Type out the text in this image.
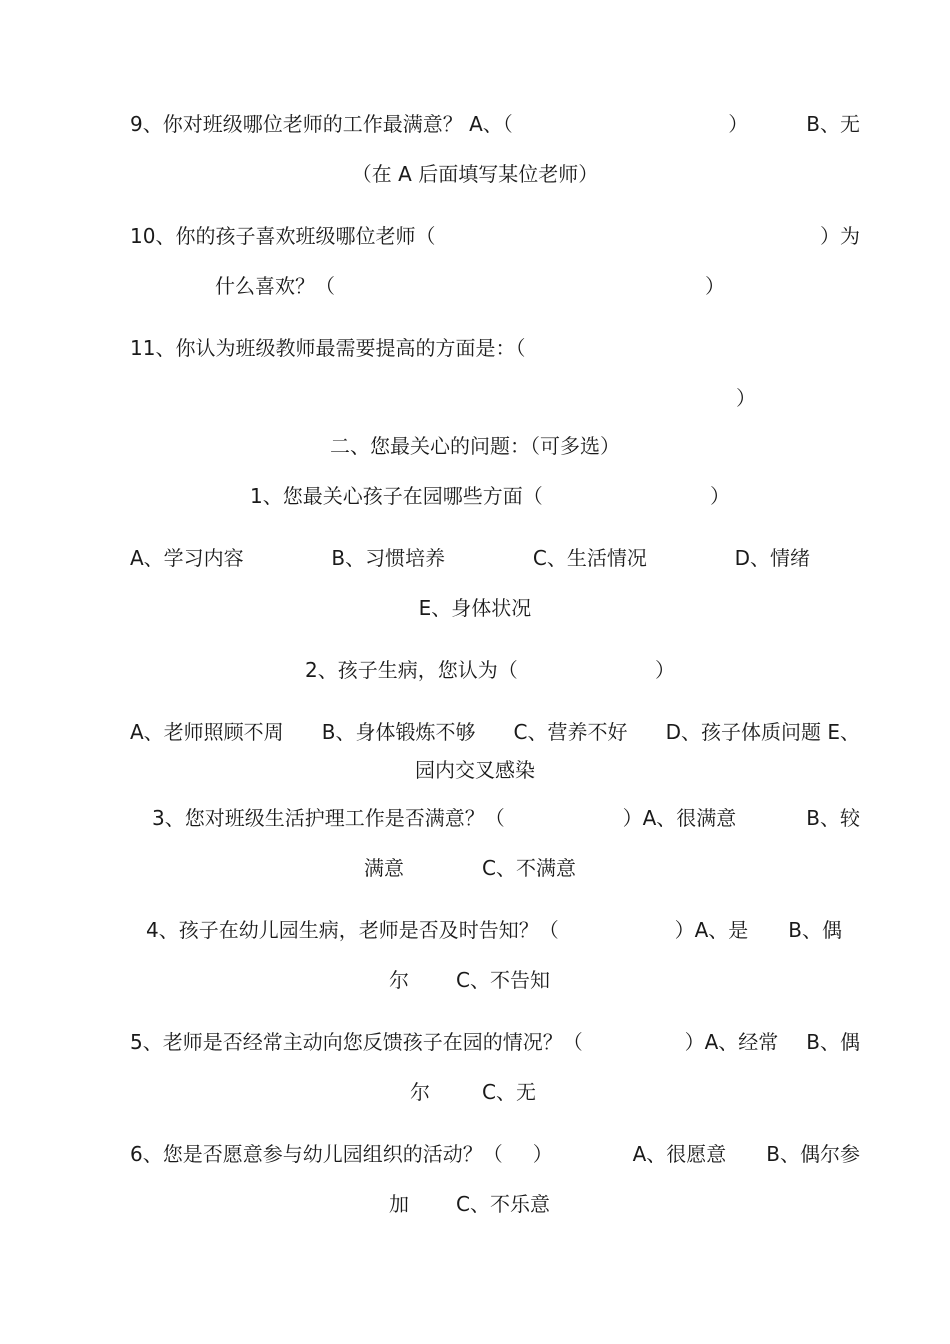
9、你对班级哪位老师的工作最满意？ A、（	）	B、无
（在 A 后面填写某位老师）
10、你的孩子喜欢班级哪位老师（	）为
什么喜欢？（	）
11、你认为班级教师最需要提高的方面是：（
）
二、您最关心的问题：（可多选）
1、您最关心孩子在园哪些方面（	）
A、学习内容	B、习惯培养	C、生活情况	D、情绪
E、身体状况
2、孩子生病，您认为（	）
A、老师照顾不周 B、身体锻炼不够 C、营养不好 D、孩子体质问题 E、
园内交叉感染
3、您对班级生活护理工作是否满意？（	）A、很满意	B、较
满意	C、不满意
4、孩子在幼儿园生病，老师是否及时告知？（	）A、是 B、偶
尔 C、不告知
5、老师是否经常主动向您反馈孩子在园的情况？（	）A、经常 B、偶
尔	C、无
6、您是否愿意参与幼儿园组织的活动？（ ）	A、很愿意 B、偶尔参
加 C、不乐意
